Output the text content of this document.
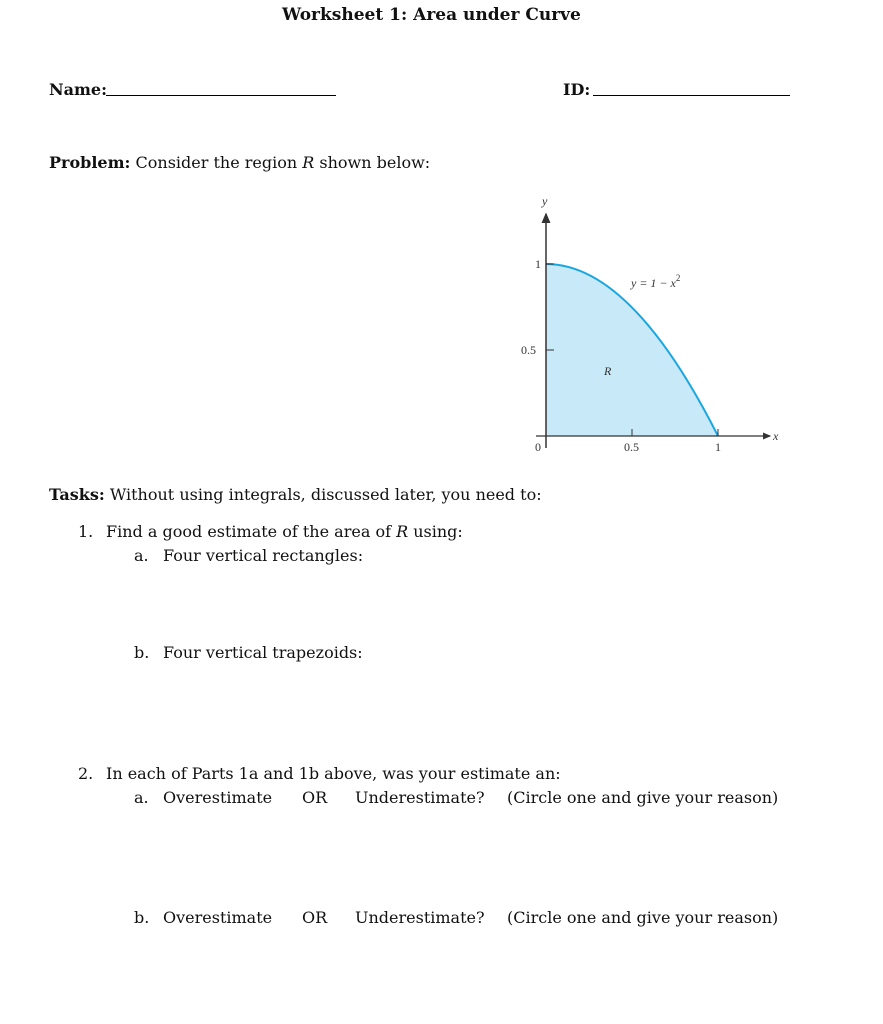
Worksheet 1: Area under Curve
Name:	ID:
Problem: Consider the region R shown below:
y
x
1
0.5
0	0.5	1
$y = 1 - x^2$
R
Tasks: Without using integrals, discussed later, you need to:
1. Find a good estimate of the area of R using:
a. Four vertical rectangles:
b. Four vertical trapezoids:
2. In each of Parts 1a and 1b above, was your estimate an:
a. Overestimate OR Underestimate? (Circle one and give your reason)
b. Overestimate OR Underestimate? (Circle one and give your reason)
